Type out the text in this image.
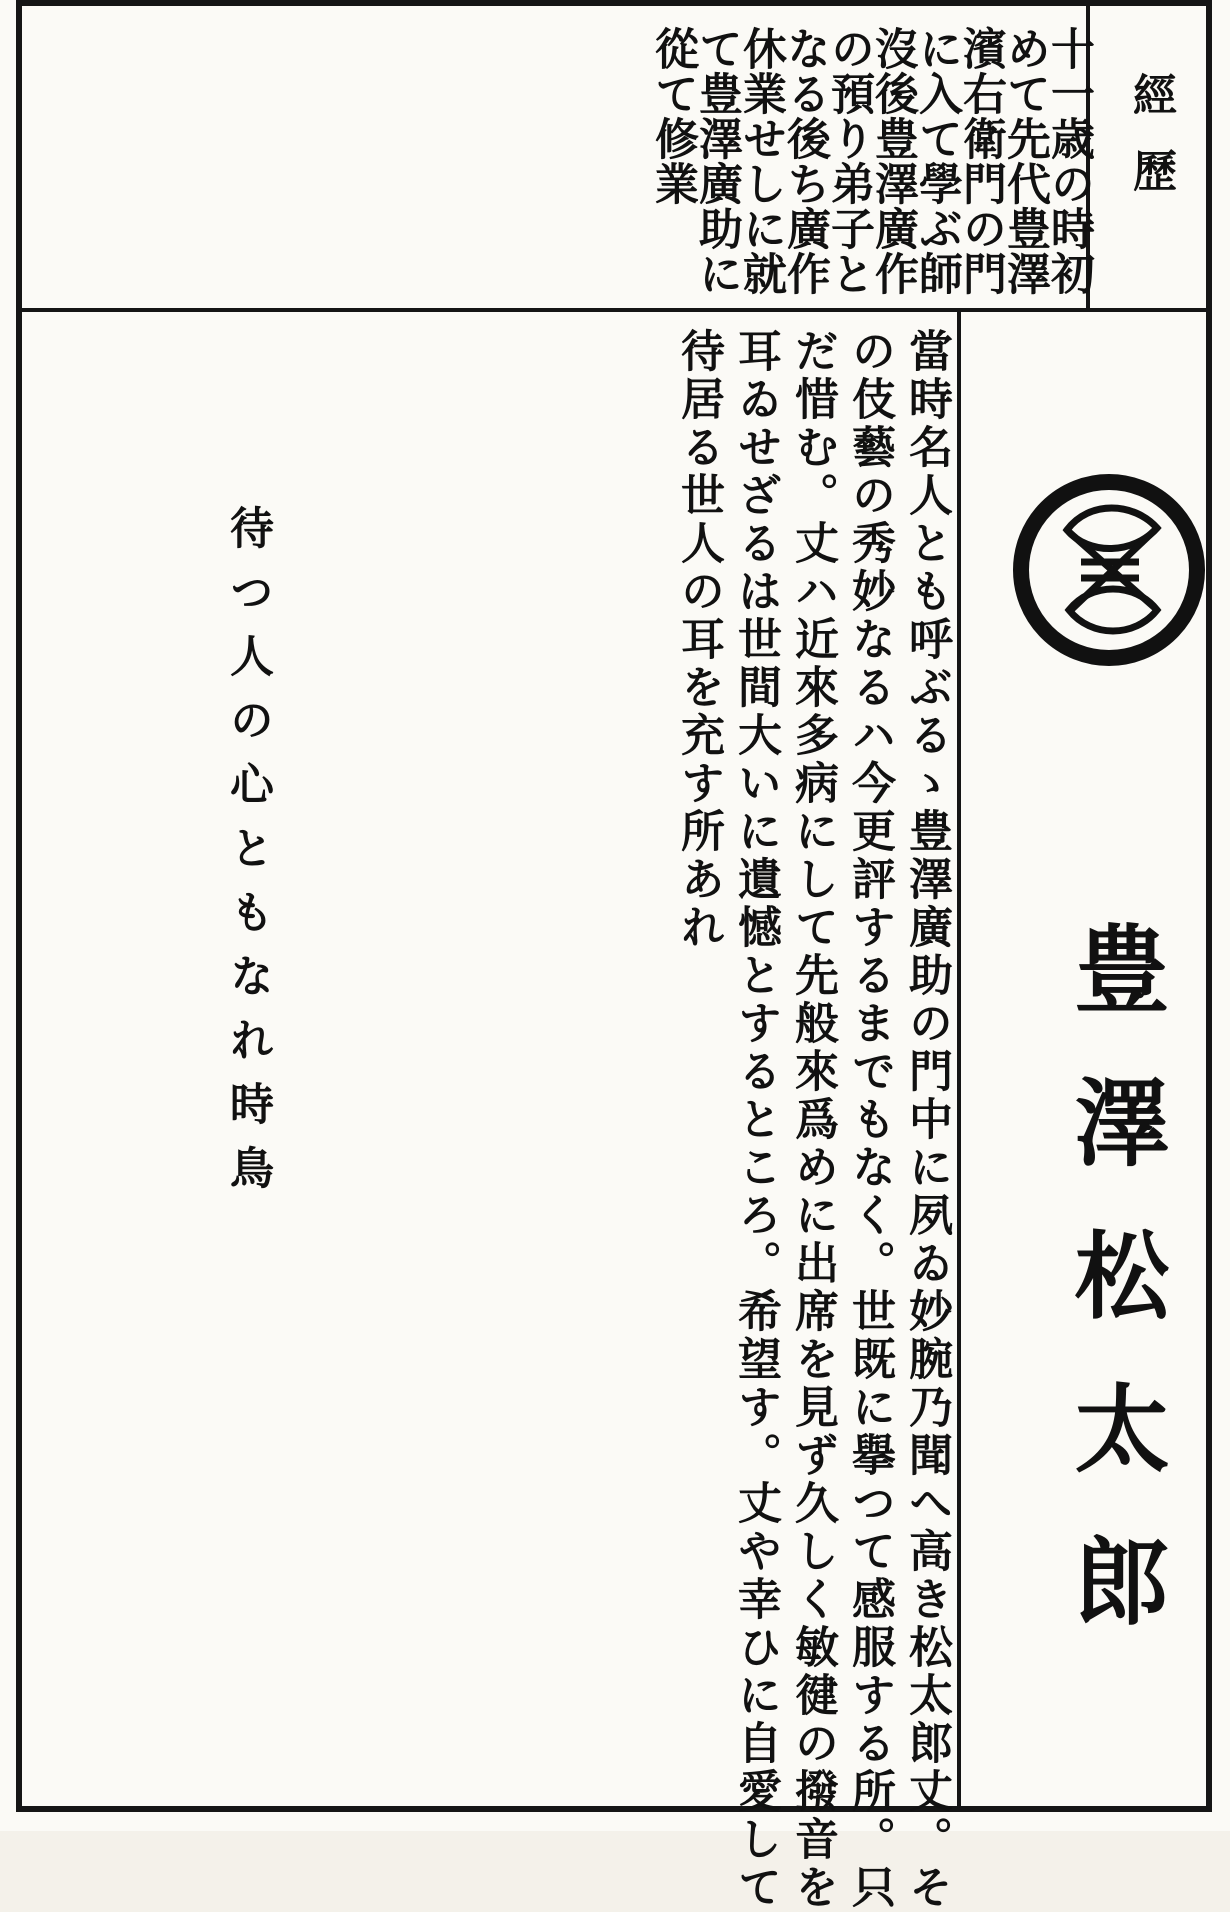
經歷
十一歳の時初
めて先代豊澤
濱右衛門の門
に入て學ぶ師
沒後豊澤廣作
の預り弟子と
なる後ち廣作
休業せしに就
て豊澤廣助に
從て修業
豊澤松太郎
當時名人とも呼ぶるゝ豊澤廣助の門中に夙ゐ妙腕乃聞へ高き松太郎丈。そ
の伎藝の秀妙なるハ今更評するまでもなく。世既に擧つて感服する所。只
だ惜む。丈ハ近來多病にして先般來爲めに出席を見ず久しく敏徤の撥音を
耳ゐせざるは世間大いに遺憾とするところ。希望す。丈や幸ひに自愛して
待居る世人の耳を充す所あれ
待つ人の心ともなれ時鳥
